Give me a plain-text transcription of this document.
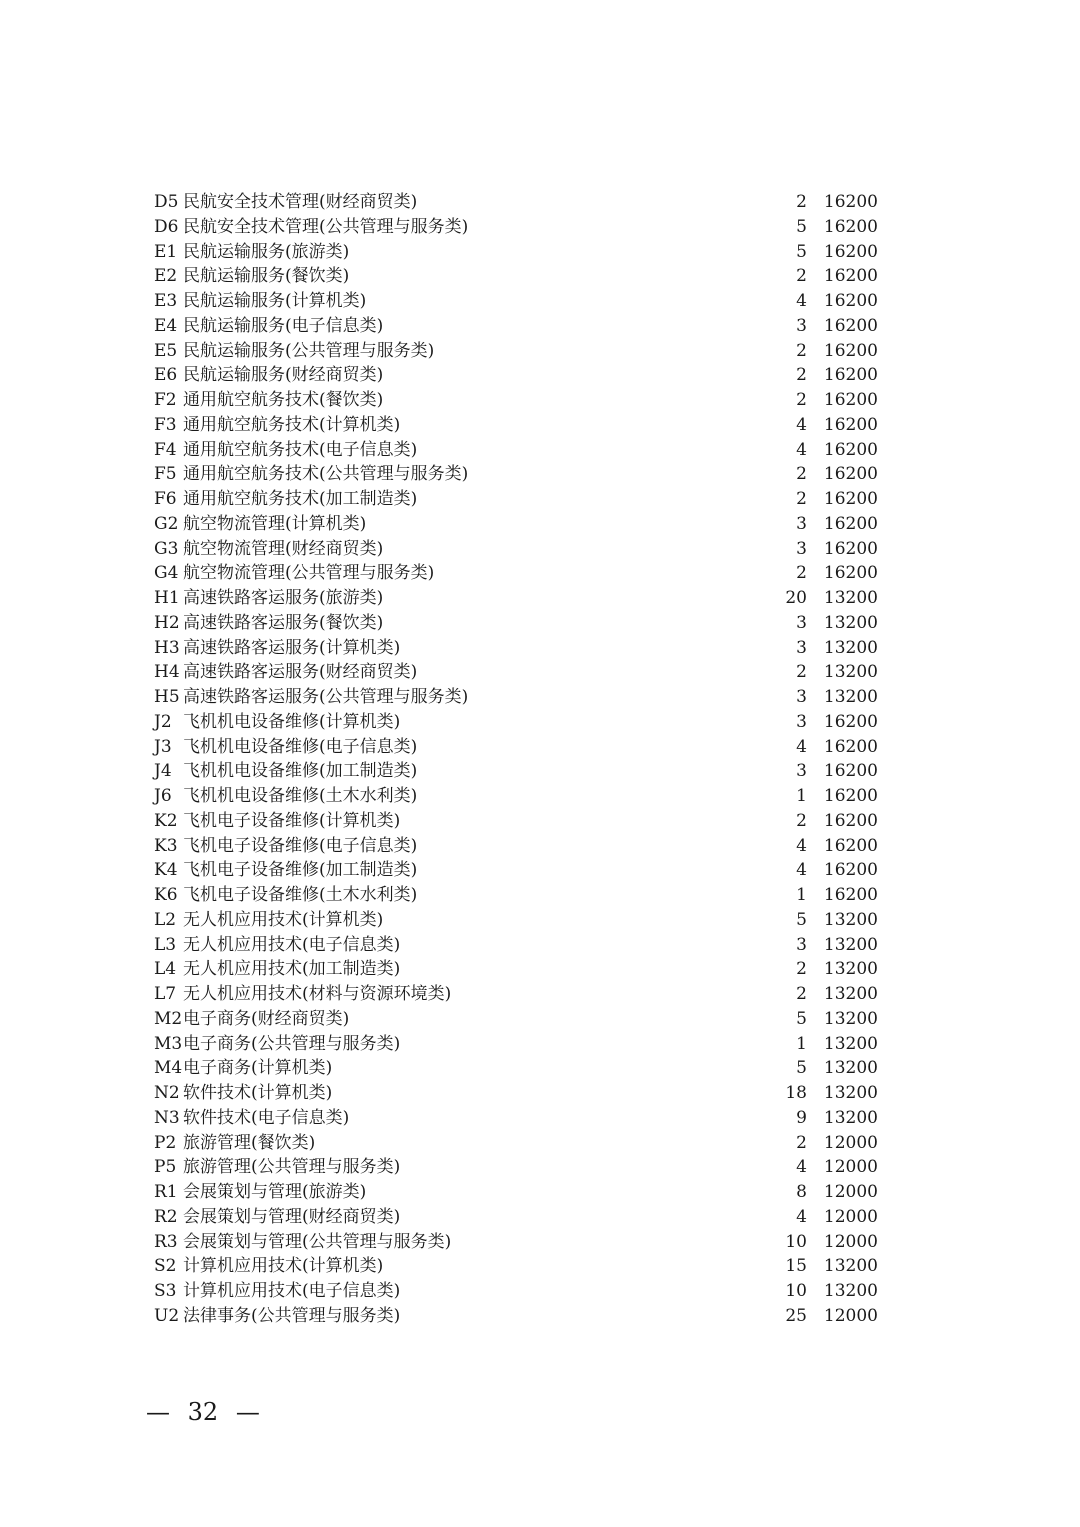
D5 民航安全技术管理(财经商贸类)	2 16200
D6 民航安全技术管理(公共管理与服务类)	5 16200
E1 民航运输服务(旅游类)	5 16200
E2 民航运输服务(餐饮类)	2 16200
E3 民航运输服务(计算机类)	4 16200
E4 民航运输服务(电子信息类)	3 16200
E5 民航运输服务(公共管理与服务类)	2 16200
E6 民航运输服务(财经商贸类)	2 16200
F2 通用航空航务技术(餐饮类)	2 16200
F3 通用航空航务技术(计算机类)	4 16200
F4 通用航空航务技术(电子信息类)	4 16200
F5 通用航空航务技术(公共管理与服务类)	2 16200
F6 通用航空航务技术(加工制造类)	2 16200
G2 航空物流管理(计算机类)	3 16200
G3 航空物流管理(财经商贸类)	3 16200
G4 航空物流管理(公共管理与服务类)	2 16200
H1 高速铁路客运服务(旅游类)	20 13200
H2 高速铁路客运服务(餐饮类)	3 13200
H3 高速铁路客运服务(计算机类)	3 13200
H4 高速铁路客运服务(财经商贸类)	2 13200
H5 高速铁路客运服务(公共管理与服务类)	3 13200
J2 飞机机电设备维修(计算机类)	3 16200
J3 飞机机电设备维修(电子信息类)	4 16200
J4 飞机机电设备维修(加工制造类)	3 16200
J6 飞机机电设备维修(土木水利类)	1 16200
K2 飞机电子设备维修(计算机类)	2 16200
K3 飞机电子设备维修(电子信息类)	4 16200
K4 飞机电子设备维修(加工制造类)	4 16200
K6 飞机电子设备维修(土木水利类)	1 16200
L2 无人机应用技术(计算机类)	5 13200
L3 无人机应用技术(电子信息类)	3 13200
L4 无人机应用技术(加工制造类)	2 13200
L7 无人机应用技术(材料与资源环境类)	2 13200
M2 电子商务(财经商贸类)	5 13200
M3 电子商务(公共管理与服务类)	1 13200
M4 电子商务(计算机类)	5 13200
N2 软件技术(计算机类)	18 13200
N3 软件技术(电子信息类)	9 13200
P2 旅游管理(餐饮类)	2 12000
P5 旅游管理(公共管理与服务类)	4 12000
R1 会展策划与管理(旅游类)	8 12000
R2 会展策划与管理(财经商贸类)	4 12000
R3 会展策划与管理(公共管理与服务类)	10 12000
S2 计算机应用技术(计算机类)	15 13200
S3 计算机应用技术(电子信息类)	10 13200
U2 法律事务(公共管理与服务类)	25 12000
— 32 —
